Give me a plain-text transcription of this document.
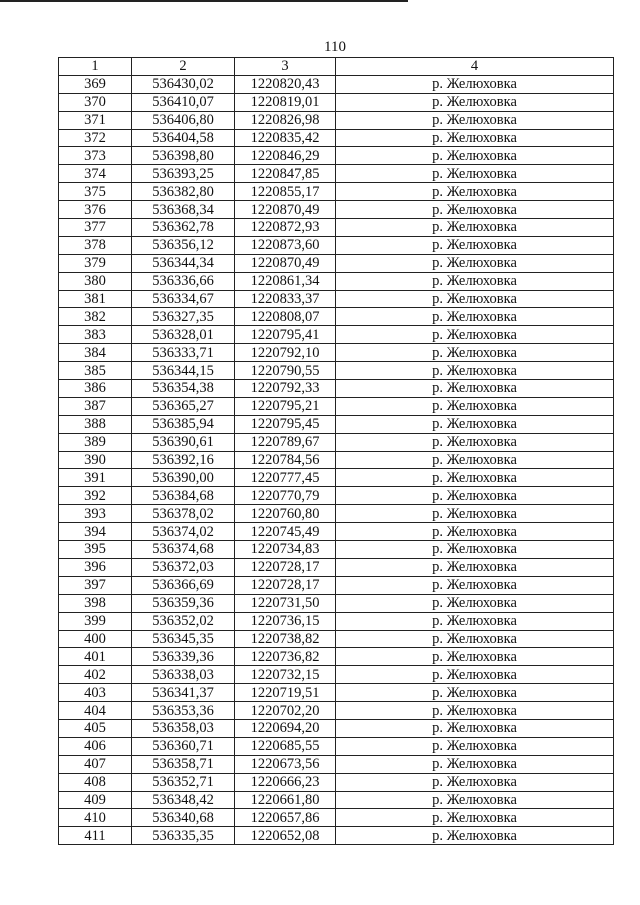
110
1	2	3	4
369	536430,02	1220820,43	р. Желюховка
370	536410,07	1220819,01	р. Желюховка
371	536406,80	1220826,98	р. Желюховка
372	536404,58	1220835,42	р. Желюховка
373	536398,80	1220846,29	р. Желюховка
374	536393,25	1220847,85	р. Желюховка
375	536382,80	1220855,17	р. Желюховка
376	536368,34	1220870,49	р. Желюховка
377	536362,78	1220872,93	р. Желюховка
378	536356,12	1220873,60	р. Желюховка
379	536344,34	1220870,49	р. Желюховка
380	536336,66	1220861,34	р. Желюховка
381	536334,67	1220833,37	р. Желюховка
382	536327,35	1220808,07	р. Желюховка
383	536328,01	1220795,41	р. Желюховка
384	536333,71	1220792,10	р. Желюховка
385	536344,15	1220790,55	р. Желюховка
386	536354,38	1220792,33	р. Желюховка
387	536365,27	1220795,21	р. Желюховка
388	536385,94	1220795,45	р. Желюховка
389	536390,61	1220789,67	р. Желюховка
390	536392,16	1220784,56	р. Желюховка
391	536390,00	1220777,45	р. Желюховка
392	536384,68	1220770,79	р. Желюховка
393	536378,02	1220760,80	р. Желюховка
394	536374,02	1220745,49	р. Желюховка
395	536374,68	1220734,83	р. Желюховка
396	536372,03	1220728,17	р. Желюховка
397	536366,69	1220728,17	р. Желюховка
398	536359,36	1220731,50	р. Желюховка
399	536352,02	1220736,15	р. Желюховка
400	536345,35	1220738,82	р. Желюховка
401	536339,36	1220736,82	р. Желюховка
402	536338,03	1220732,15	р. Желюховка
403	536341,37	1220719,51	р. Желюховка
404	536353,36	1220702,20	р. Желюховка
405	536358,03	1220694,20	р. Желюховка
406	536360,71	1220685,55	р. Желюховка
407	536358,71	1220673,56	р. Желюховка
408	536352,71	1220666,23	р. Желюховка
409	536348,42	1220661,80	р. Желюховка
410	536340,68	1220657,86	р. Желюховка
411	536335,35	1220652,08	р. Желюховка
